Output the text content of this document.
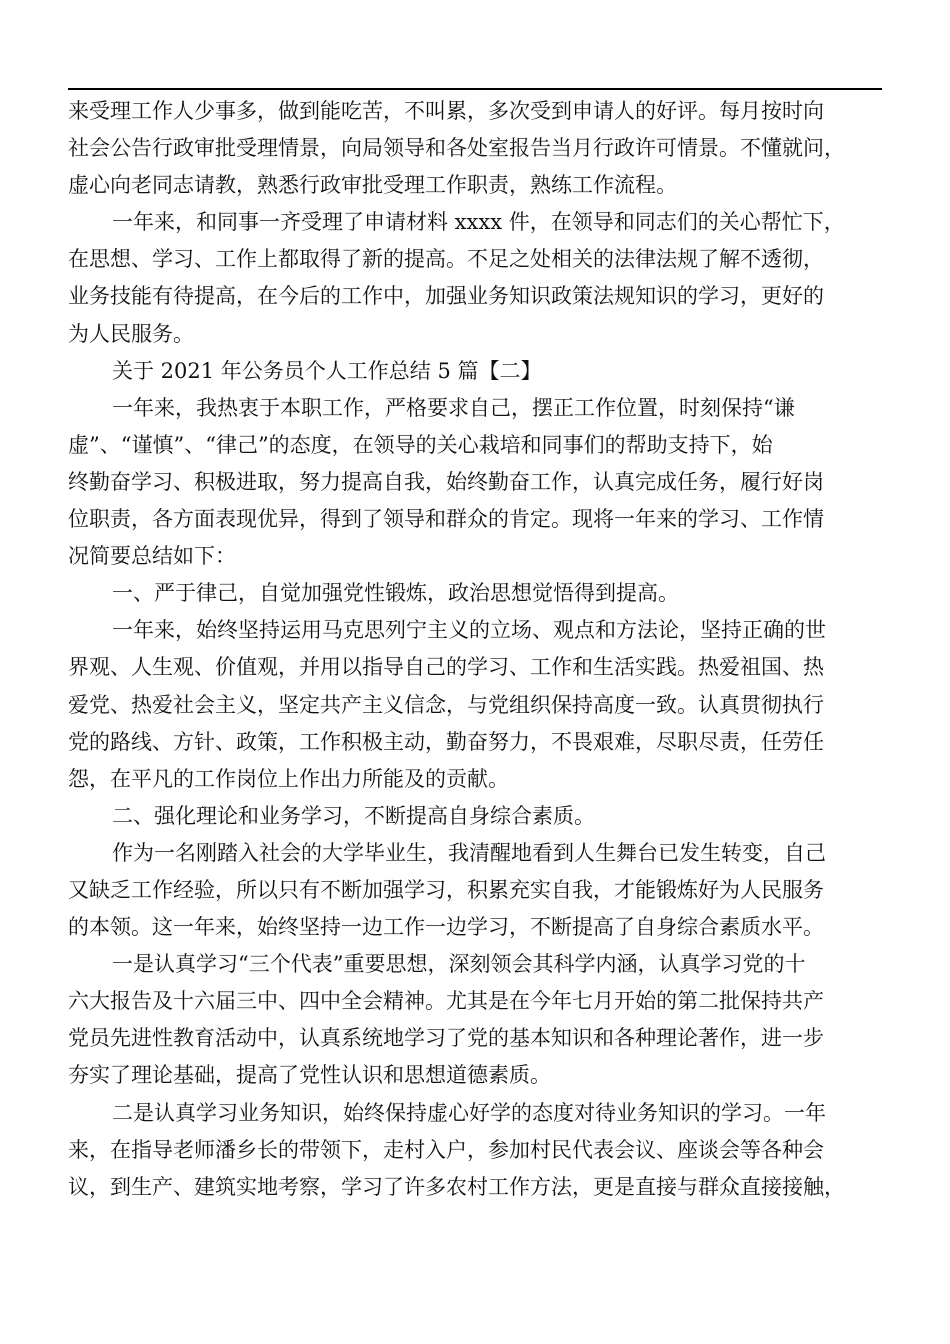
来受理工作人少事多，做到能吃苦，不叫累，多次受到申请人的好评。每月按时向
社会公告行政审批受理情景，向局领导和各处室报告当月行政许可情景。不懂就问，
虚心向老同志请教，熟悉行政审批受理工作职责，熟练工作流程。
一年来，和同事一齐受理了申请材料 xxxx 件，在领导和同志们的关心帮忙下，
在思想、学习、工作上都取得了新的提高。不足之处相关的法律法规了解不透彻，
业务技能有待提高，在今后的工作中，加强业务知识政策法规知识的学习，更好的
为人民服务。
关于 2021 年公务员个人工作总结 5 篇【二】
一年来，我热衷于本职工作，严格要求自己，摆正工作位置，时刻保持“谦
虚”、“谨慎”、“律己”的态度，在领导的关心栽培和同事们的帮助支持下，始
终勤奋学习、积极进取，努力提高自我，始终勤奋工作，认真完成任务，履行好岗
位职责，各方面表现优异，得到了领导和群众的肯定。现将一年来的学习、工作情
况简要总结如下：
一、严于律己，自觉加强党性锻炼，政治思想觉悟得到提高。
一年来，始终坚持运用马克思列宁主义的立场、观点和方法论，坚持正确的世
界观、人生观、价值观，并用以指导自己的学习、工作和生活实践。热爱祖国、热
爱党、热爱社会主义，坚定共产主义信念，与党组织保持高度一致。认真贯彻执行
党的路线、方针、政策，工作积极主动，勤奋努力，不畏艰难，尽职尽责，任劳任
怨，在平凡的工作岗位上作出力所能及的贡献。
二、强化理论和业务学习，不断提高自身综合素质。
作为一名刚踏入社会的大学毕业生，我清醒地看到人生舞台已发生转变，自己
又缺乏工作经验，所以只有不断加强学习，积累充实自我，才能锻炼好为人民服务
的本领。这一年来，始终坚持一边工作一边学习，不断提高了自身综合素质水平。
一是认真学习“三个代表”重要思想，深刻领会其科学内涵，认真学习党的十
六大报告及十六届三中、四中全会精神。尤其是在今年七月开始的第二批保持共产
党员先进性教育活动中，认真系统地学习了党的基本知识和各种理论著作，进一步
夯实了理论基础，提高了党性认识和思想道德素质。
二是认真学习业务知识，始终保持虚心好学的态度对待业务知识的学习。一年
来，在指导老师潘乡长的带领下，走村入户，参加村民代表会议、座谈会等各种会
议，到生产、建筑实地考察，学习了许多农村工作方法，更是直接与群众直接接触，
